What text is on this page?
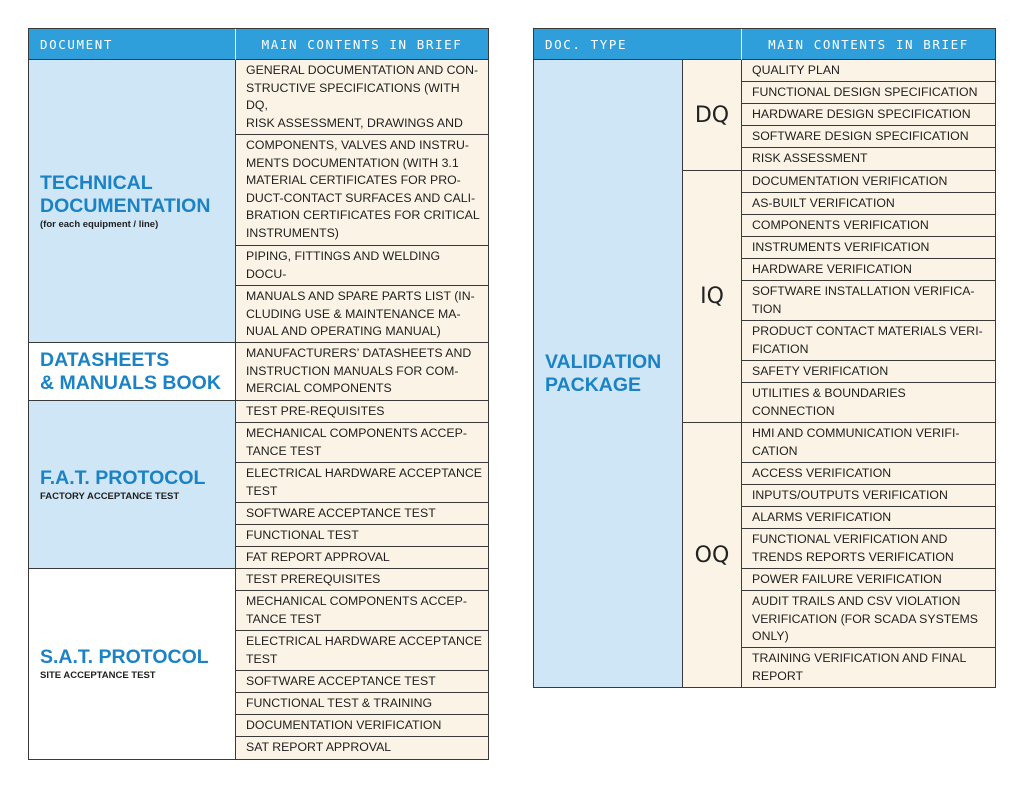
DOCUMENT	MAIN CONTENTS IN BRIEF
TECHNICAL
DOCUMENTATION
(for each equipment / line)
GENERAL DOCUMENTATION AND CON-
STRUCTIVE SPECIFICATIONS (WITH DQ,
RISK ASSESSMENT, DRAWINGS AND

COMPONENTS, VALVES AND INSTRU-
MENTS DOCUMENTATION (WITH 3.1
MATERIAL CERTIFICATES FOR PRO-
DUCT-CONTACT SURFACES AND CALI-
BRATION CERTIFICATES FOR CRITICAL
INSTRUMENTS)
PIPING, FITTINGS AND WELDING DOCU-

MANUALS AND SPARE PARTS LIST (IN-
CLUDING USE & MAINTENANCE MA-
NUAL AND OPERATING MANUAL)
DATASHEETS
& MANUALS BOOK
MANUFACTURERS’ DATASHEETS AND
INSTRUCTION MANUALS FOR COM-
MERCIAL COMPONENTS
F.A.T. PROTOCOL
FACTORY ACCEPTANCE TEST
TEST PRE-REQUISITES
MECHANICAL COMPONENTS ACCEP-
TANCE TEST
ELECTRICAL HARDWARE ACCEPTANCE
TEST
SOFTWARE ACCEPTANCE TEST
FUNCTIONAL TEST
FAT REPORT APPROVAL
S.A.T. PROTOCOL
SITE ACCEPTANCE TEST
TEST PREREQUISITES
MECHANICAL COMPONENTS ACCEP-
TANCE TEST
ELECTRICAL HARDWARE ACCEPTANCE
TEST
SOFTWARE ACCEPTANCE TEST
FUNCTIONAL TEST & TRAINING
DOCUMENTATION VERIFICATION
SAT REPORT APPROVAL
DOC. TYPE	MAIN CONTENTS IN BRIEF
VALIDATION
PACKAGE
DQ
QUALITY PLAN
FUNCTIONAL DESIGN SPECIFICATION
HARDWARE DESIGN SPECIFICATION
SOFTWARE DESIGN SPECIFICATION
RISK ASSESSMENT
IQ
DOCUMENTATION VERIFICATION
AS-BUILT VERIFICATION
COMPONENTS VERIFICATION
INSTRUMENTS VERIFICATION
HARDWARE VERIFICATION
SOFTWARE INSTALLATION VERIFICA-
TION
PRODUCT CONTACT MATERIALS VERI-
FICATION
SAFETY VERIFICATION
UTILITIES & BOUNDARIES CONNECTION

OQ
HMI AND COMMUNICATION VERIFI-
CATION
ACCESS VERIFICATION
INPUTS/OUTPUTS VERIFICATION
ALARMS VERIFICATION
FUNCTIONAL VERIFICATION AND
TRENDS REPORTS VERIFICATION
POWER FAILURE VERIFICATION
AUDIT TRAILS AND CSV VIOLATION
VERIFICATION (FOR SCADA SYSTEMS
ONLY)
TRAINING VERIFICATION AND FINAL
REPORT
